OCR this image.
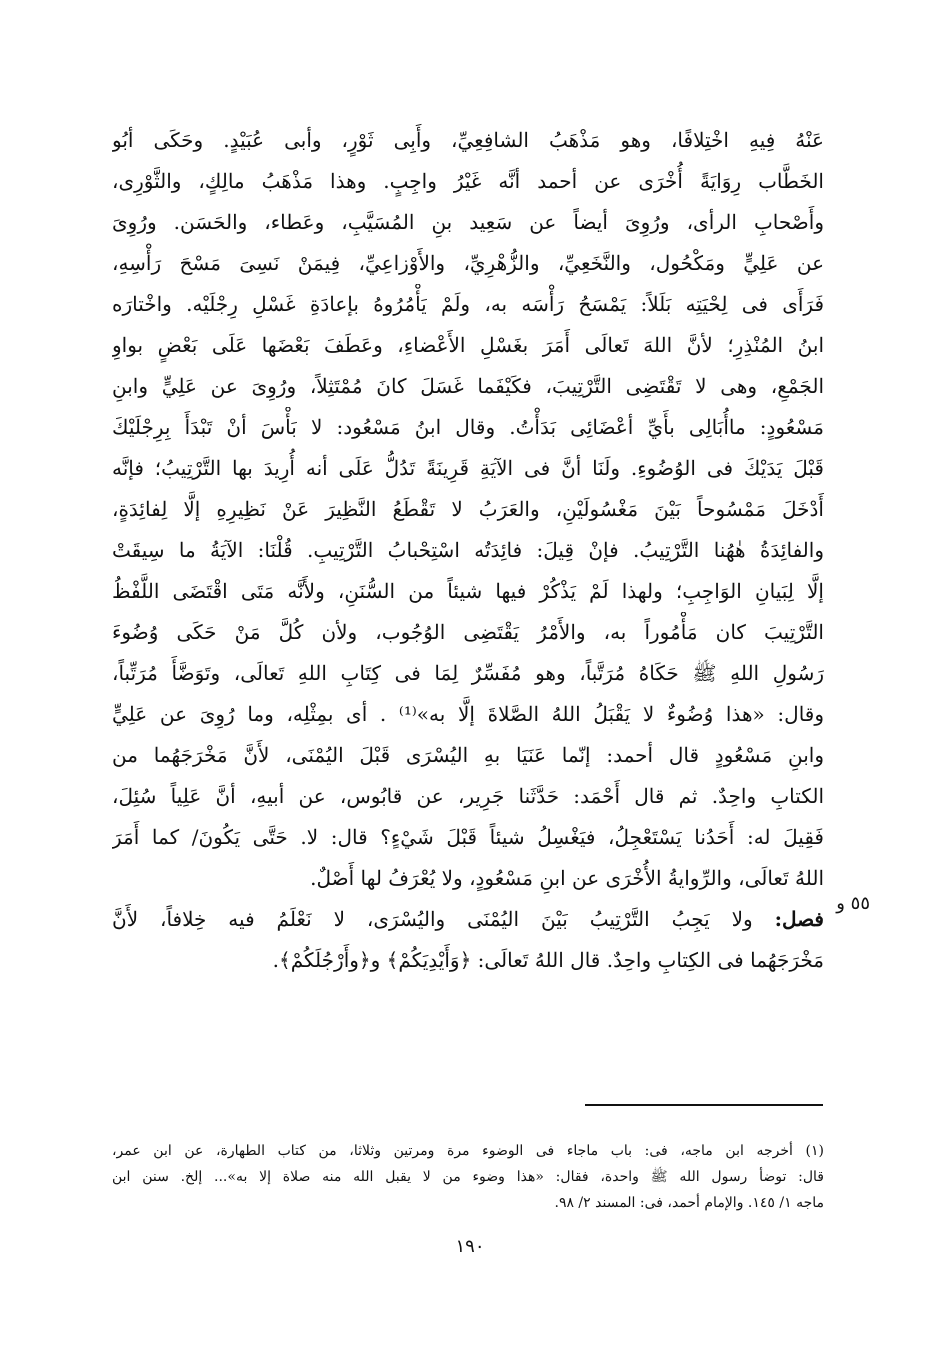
عَنْهُ فِيهِ اخْتِلافًا، وهو مَذْهَبُ الشافِعِيِّ، وأَبِى ثَوْرٍ، وأبى عُبَيْدٍ. وحَكَى أبُو
الخَطَّاب رِوَايَةً أُخْرَى عن أحمد أنَّه غَيْرُ واجِبٍ. وهذا مَذْهَبُ مالِكٍ، والثَّوْرِى،
وأَصْحابِ الرأى، ورُوِىَ أيضاً عن سَعِيد بنِ المُسَيَّبِ، وعَطاء، والحَسَن. ورُوِىَ
عن عَلِيٍّ ومَكْحُول، والنَّخَعِيِّ، والزُّهْرِيِّ، والأَوْزاعِيِّ، فِيمَنْ نَسِىَ مَسْحَ رَأْسِهِ،
فَرَأَى فى لِحْيَتِه بَلَلاً: يَمْسَحُ رَأْسَه به، ولَمْ يَأْمُرُوهُ بإعادَةِ غَسْلِ رِجْلَيْه. واخْتارَه
ابنُ المُنْذِرِ؛ لأنَّ اللهَ تَعالَى أَمَرَ بغَسْلِ الأَعْضاءِ، وعَطَفَ بَعْضَها عَلَى بَعْضٍ بواوِ
الجَمْعِ، وهى لا تَقْتَضِى التَّرْتِيبَ، فكَيْفَما غَسَلَ كانَ مُمْتَثِلاً، ورُوِىَ عن عَلِيٍّ وابنِ
مَسْعُودٍ: ماأُبَالِى بأَيِّ أعْضَائِى بَدَأْتُ. وقال ابنُ مَسْعُود: لا بَأْسَ أنْ تَبْدَأَ بِرِجْلَيْكَ
قَبْلَ يَدَيْكَ فى الوُضُوءِ. ولَنَا أنَّ فى الآيَةِ قَرِينَةً تَدُلُّ عَلَى أنه أُرِيدَ بها التَّرْتِيبُ؛ فإنَّه
أَدْخَلَ مَمْسُوحاً بَيْنَ مَغْسُولَيْنِ، والعَرَبُ لا تَقْطَعُ النَّظِيرَ عَنْ نَظِيرِهِ إلَّا لِفائِدَةٍ،
والفائِدَةُ هٰهُنا التَّرْتِيبُ. فإنْ قِيلَ: فائِدَتُه اسْتِحْبابُ التَّرْتِيبِ. قُلْنَا: الآيَةُ ما سِيقَتْ
إلَّا لِبَيانِ الوَاجِبِ؛ ولهذا لَمْ يَذْكُرْ فيها شيئاً من السُّنَنِ، ولأَنَّه مَتَى اقْتَضَى اللَّفْظُ
التَّرْتِيبَ كان مَأْمُوراً به، والأَمْرُ يَقْتَضِى الوُجُوب، ولأن كُلَّ مَنْ حَكَى وُضُوءَ
رَسُولِ اللهِ ﷺ حَكَاهُ مُرَتَّباً، وهو مُفَسِّرٌ لِمَا فى كِتَابِ اللهِ تَعالَى، وتَوَضَّأَ مُرَتِّباً،
وقال: «هذا وُضُوءٌ لا يَقْبَلُ اللهُ الصَّلاةَ إلَّا به»⁽¹⁾ . أى بمِثْلِه، وما رُوِىَ عن عَلِيٍّ
وابنِ مَسْعُودٍ قال أحمد: إنّما عَنَيَا بهِ اليُسْرَى قَبْلَ اليُمْنَى، لأَنَّ مَخْرَجَهُما من
الكتابِ واحِدٌ. ثم قال أَحْمَد: حَدَّثَنا جَرِير، عن قابُوس، عن أبيهِ، أنَّ عَلِياً سُئِلَ،
فَقِيلَ له: أَحَدُنا يَسْتَعْجِلُ، فيَغْسِلُ شيئاً قَبْلَ شَيْءٍ؟ قال: لا. حَتَّى يَكُونَ/ كما أَمَرَ
اللهُ تَعالَى، والرِّوايةُ الأُخْرَى عن ابنِ مَسْعُودٍ، ولا يُعْرَفُ لها أَصْلٌ.
فصل: ولا يَجِبُ التَّرْتِيبُ بَيْنَ اليُمْنَى واليُسْرَى، لا نَعْلَمُ فيه خِلافاً، لأَنَّ
مَخْرَجَهُما فى الكِتابِ واحِدٌ. قال اللهُ تَعالَى: ﴿وَأَيْدِيَكُمْ﴾ و﴿وأَرْجُلَكُمْ﴾.
٥٥ و
(١) أخرجه ابن ماجه، فى: باب ماجاء فى الوضوء مرة ومرتين وثلاثا، من كتاب الطهارة، عن ابن عمر،
قال: توضأ رسول الله ﷺ واحدة، فقال: «هذا وضوء من لا يقبل الله منه صلاة إلا به»... إلخ. سنن ابن
ماجه ١/ ١٤٥. والإمام أحمد، فى: المسند ٢/ ٩٨.
١٩٠
